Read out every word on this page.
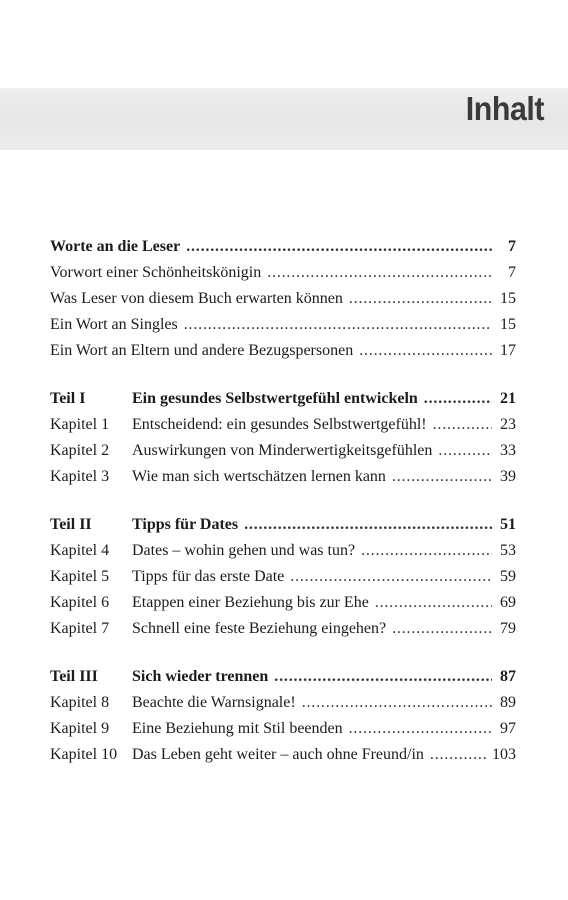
Inhalt
Worte an die Leser . . .	7
Vorwort einer Schönheitskönigin . . .	7
Was Leser von diesem Buch erwarten können . . .	15
Ein Wort an Singles . . .	15
Ein Wort an Eltern und andere Bezugspersonen . . .	17
Teil I	Ein gesundes Selbstwertgefühl entwickeln . . .	21
Kapitel 1 Entscheidend: ein gesundes Selbstwertgefühl! . . .	23
Kapitel 2 Auswirkungen von Minderwertigkeitsgefühlen . . .	33
Kapitel 3 Wie man sich wertschätzen lernen kann . . .	39
Teil II	Tipps für Dates . . .	51
Kapitel 4 Dates – wohin gehen und was tun? . . .	53
Kapitel 5 Tipps für das erste Date . . .	59
Kapitel 6 Etappen einer Beziehung bis zur Ehe . . .	69
Kapitel 7 Schnell eine feste Beziehung eingehen? . . .	79
Teil III Sich wieder trennen . . .	87
Kapitel 8 Beachte die Warnsignale! . . .	89
Kapitel 9 Eine Beziehung mit Stil beenden . . .	97
Kapitel 10 Das Leben geht weiter – auch ohne Freund/in . . .	103
